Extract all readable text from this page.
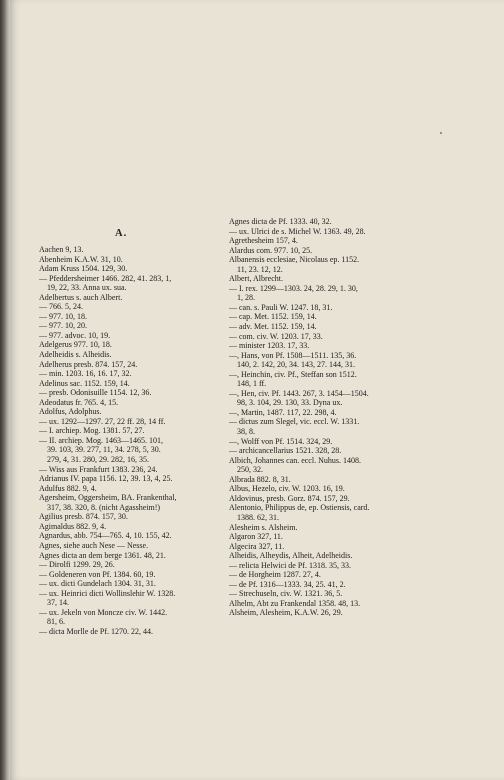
A.
Aachen 9, 13.
Abenheim K.A.W. 31, 10.
Adam Kruss 1504. 129, 30.
— Pfeddersheimer 1466. 282, 41. 283, 1,
19, 22, 33. Anna ux. sua.
Adelbertus s. auch Albert.
— 766. 5, 24.
— 977. 10, 18.
— 977. 10, 20.
— 977. advoc. 10, 19.
Adelgerus 977. 10, 18.
Adelheidis s. Alheidis.
Adelherus presb. 874. 157, 24.
— min. 1203. 16, 16. 17, 32.
Adelinus sac. 1152. 159, 14.
— presb. Odonisuille 1154. 12, 36.
Adeodatus fr. 765. 4, 15.
Adolfus, Adolphus.
— ux. 1292—1297. 27, 22 ff. 28, 14 ff.
— I. archiep. Mog. 1381. 57, 27.
— II. archiep. Mog. 1463—1465. 101,
39. 103, 39. 277, 11, 34. 278, 5, 30.
279, 4, 31. 280, 29. 282, 16, 35.
— Wiss aus Frankfurt 1383. 236, 24.
Adrianus IV. papa 1156. 12, 39. 13, 4, 25.
Adulfus 882. 9, 4.
Agersheim, Oggersheim, BA. Frankenthal,
317, 38. 320, 8. (nicht Agassheim!)
Agilius presb. 874. 157, 30.
Agimaldus 882. 9, 4.
Agnardus, abb. 754—765. 4, 10. 155, 42.
Agnes, siehe auch Nese — Nesse.
Agnes dicta an dem berge 1361. 48, 21.
— Dirolfi 1299. 29, 26.
— Goldeneren von Pf. 1384. 60, 19.
— ux. dicti Gundelach 1304. 31, 31.
— ux. Heinrici dicti Wollinslehir W. 1328.
37, 14.
— ux. Jekeln von Moncze civ. W. 1442.
81, 6.
— dicta Morlle de Pf. 1270. 22, 44.
Agnes dicta de Pf. 1333. 40, 32.
— ux. Ulrici de s. Michel W. 1363. 49, 28.
Agrethesheim 157, 4.
Alardus com. 977. 10, 25.
Albanensis ecclesiae, Nicolaus ep. 1152.
11, 23. 12, 12.
Albert, Albrecht.
— I. rex. 1299—1303. 24, 28. 29, 1. 30,
1, 28.
— can. s. Pauli W. 1247. 18, 31.
— cap. Met. 1152. 159, 14.
— adv. Met. 1152. 159, 14.
— com. civ. W. 1203. 17, 33.
— minister 1203. 17, 33.
—, Hans, von Pf. 1508—1511. 135, 36.
140, 2. 142, 20, 34. 143, 27. 144, 31.
—, Heinchin, civ. Pf., Steffan son 1512.
148, 1 ff.
—, Hen, civ. Pf. 1443. 267, 3. 1454—1504.
98, 3. 104, 29. 130, 33. Dyna ux.
—, Martin, 1487. 117, 22. 298, 4.
— dictus zum Slegel, vic. eccl. W. 1331.
38, 8.
—, Wolff von Pf. 1514. 324, 29.
— archicancellarius 1521. 328, 28.
Albich, Johannes can. eccl. Nuhus. 1408.
250, 32.
Albrada 882. 8, 31.
Albus, Hezelo, civ. W. 1203. 16, 19.
Aldovinus, presb. Gorz. 874. 157, 29.
Alentonio, Philippus de, ep. Ostiensis, card.
1388. 62, 31.
Alesheim s. Alsheim.
Algaron 327, 11.
Algecira 327, 11.
Alheidis, Alheydis, Alheit, Adelheidis.
— relicta Helwici de Pf. 1318. 35, 33.
— de Horgheim 1287. 27, 4.
— de Pf. 1316—1333. 34, 25. 41, 2.
— Strechuseln, civ. W. 1321. 36, 5.
Alhelm, Abt zu Frankendal 1358. 48, 13.
Alsheim, Alesheim, K.A.W. 26, 29.
